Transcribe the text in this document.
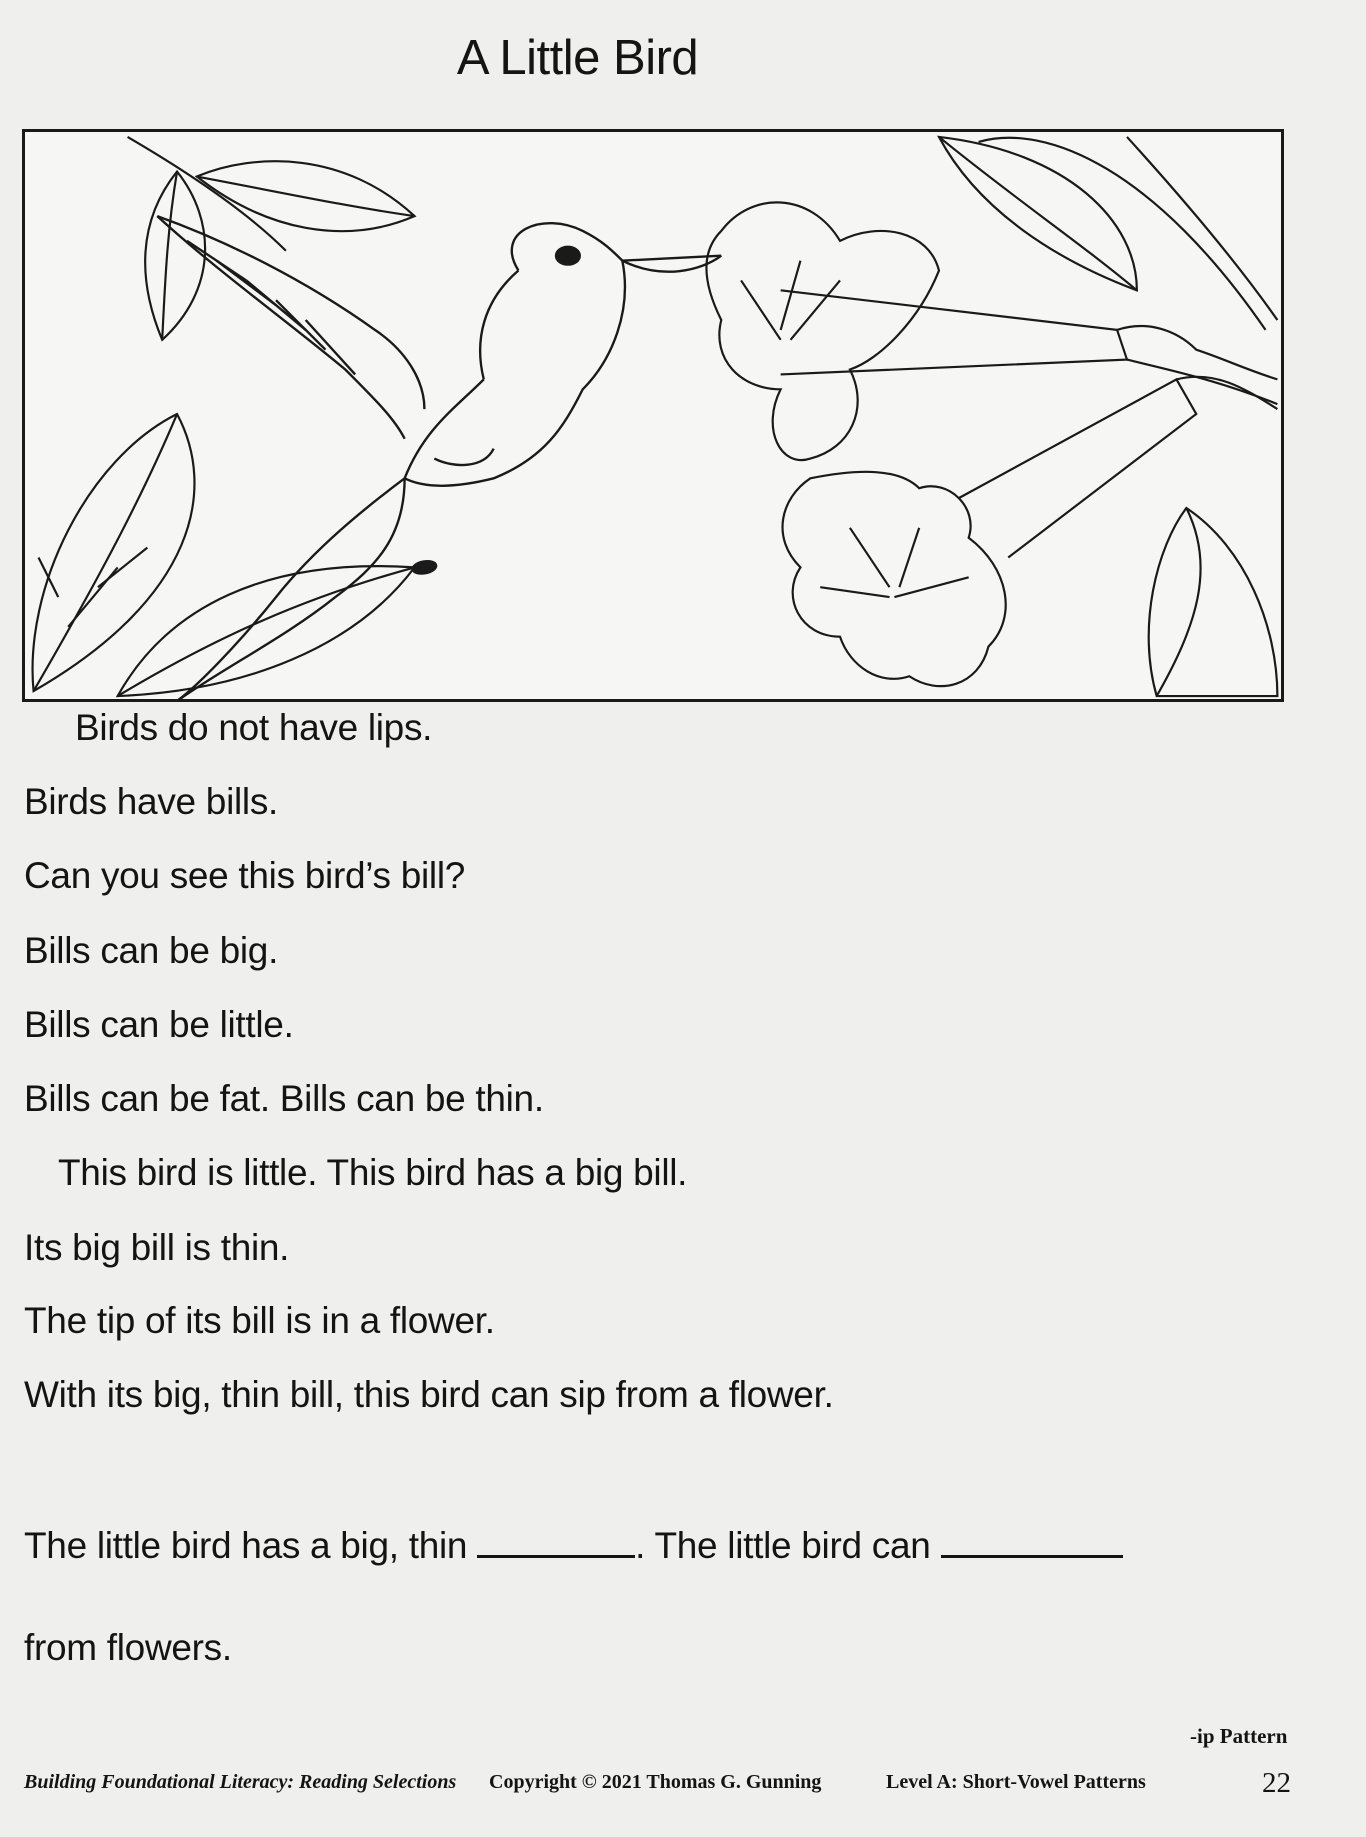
A Little Bird
Birds do not have lips.
Birds have bills.
Can you see this bird’s bill?
Bills can be big.
Bills can be little.
Bills can be fat. Bills can be thin.
This bird is little. This bird has a big bill.
Its big bill is thin.
The tip of its bill is in a flower.
With its big, thin bill, this bird can sip from a flower.
The little bird has a big, thin	. The little bird can
from flowers.
-ip Pattern
Building Foundational Literacy: Reading Selections Copyright © 2021 Thomas G. Gunning	Level A: Short-Vowel Patterns	22
